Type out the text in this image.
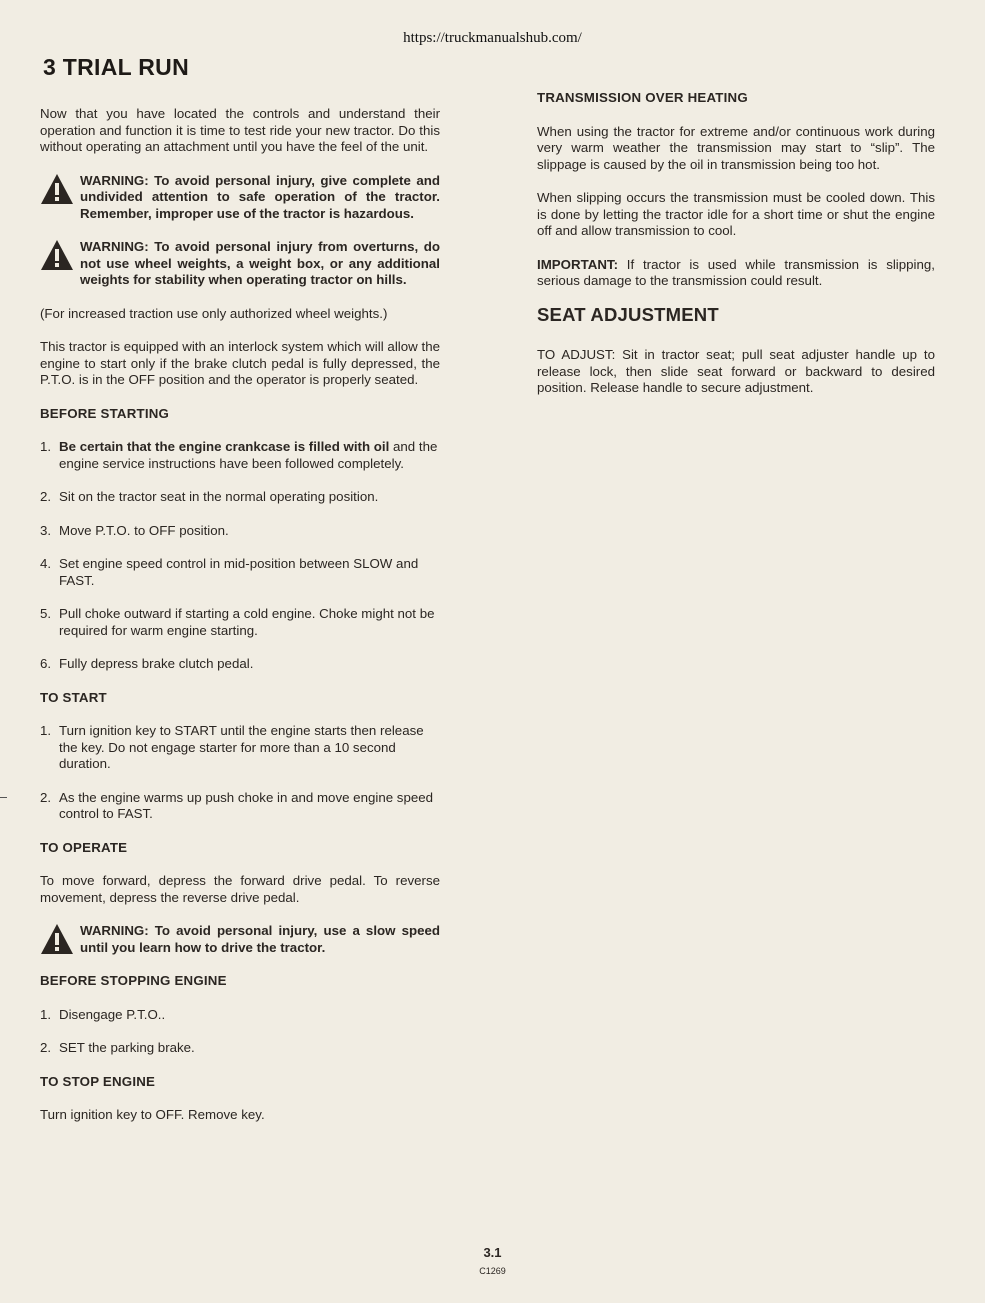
https://truckmanualshub.com/
3 TRIAL RUN

Now that you have located the controls and understand their operation and function it is time to test ride your new tractor. Do this without operating an attachment until you have the feel of the unit.

WARNING: To avoid personal injury, give complete and undivided attention to safe operation of the tractor. Remember, improper use of the tractor is hazardous.

WARNING: To avoid personal injury from overturns, do not use wheel weights, a weight box, or any additional weights for stability when operating tractor on hills.

(For increased traction use only authorized wheel weights.)

This tractor is equipped with an interlock system which will allow the engine to start only if the brake clutch pedal is fully depressed, the P.T.O. is in the OFF position and the operator is properly seated.

BEFORE STARTING

1. Be certain that the engine crankcase is filled with oil and the engine service instructions have been followed completely.
2. Sit on the tractor seat in the normal operating position.
3. Move P.T.O. to OFF position.
4. Set engine speed control in mid-position between SLOW and FAST.
5. Pull choke outward if starting a cold engine. Choke might not be required for warm engine starting.
6. Fully depress brake clutch pedal.

TO START

1. Turn ignition key to START until the engine starts then release the key. Do not engage starter for more than a 10 second duration.
2. As the engine warms up push choke in and move engine speed control to FAST.

TO OPERATE

To move forward, depress the forward drive pedal. To reverse movement, depress the reverse drive pedal.

WARNING: To avoid personal injury, use a slow speed until you learn how to drive the tractor.

BEFORE STOPPING ENGINE

1. Disengage P.T.O..
2. SET the parking brake.

TO STOP ENGINE

Turn ignition key to OFF. Remove key.

TRANSMISSION OVER HEATING

When using the tractor for extreme and/or continuous work during very warm weather the transmission may start to “slip”. The slippage is caused by the oil in transmission being too hot.

When slipping occurs the transmission must be cooled down. This is done by letting the tractor idle for a short time or shut the engine off and allow transmission to cool.

IMPORTANT: If tractor is used while transmission is slipping, serious damage to the transmission could result.

SEAT ADJUSTMENT

TO ADJUST: Sit in tractor seat; pull seat adjuster handle up to release lock, then slide seat forward or backward to desired position. Release handle to secure adjustment.

3.1
C1269
